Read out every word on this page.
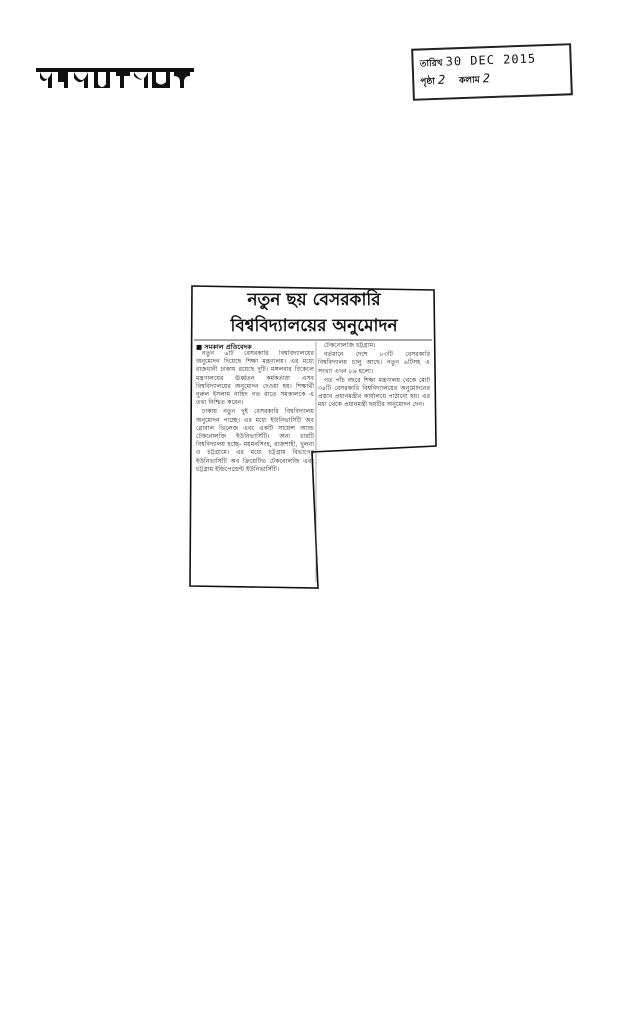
তারিখ 30 DEC 2015
পৃষ্ঠা 2 কলাম 2
নতুন ছয় বেসরকারি
বিশ্ববিদ্যালয়ের অনুমোদন
■ সমকাল প্রতিবেদক

নতুন ৬টি বেসরকারি বিশ্ববিদ্যালয়ের অনুমোদন দিয়েছে শিক্ষা মন্ত্রণালয়। এর মধ্যে রাজধানী ঢাকায় রয়েছে দুটি। মঙ্গলবার বিকেলে মন্ত্রণালয়ের ঊর্ধ্বতন কর্মকর্তারা এসব বিশ্ববিদ্যালয়ের অনুমোদন দেওয়া হয়। শিক্ষার্থী নুরুল ইসলাম নাহিদ গত রাতে সমকালকে এ তথ্য নিশ্চিত করেন।

ঢাকায় নতুন দুই বেসরকারি বিশ্ববিদ্যালয় অনুমোদন পাচ্ছে। এর মধ্যে ইউনিভার্সিটি অব গ্লোবাল ভিলেজ এবং একটি সায়েন্স অ্যান্ড টেকনোলজি ইউনিভার্সিটি। অন্য চারটি বিশ্ববিদ্যালয় হচ্ছে- ময়মনসিংহ, রাজশাহী, খুলনা ও চট্টগ্রামে। এর মধ্যে চট্টগ্রাম বিভাগের ইউনিভার্সিটি অব ক্রিয়েটিভ টেকনোলজি এবং চট্টগ্রাম ইন্ডিপেন্ডেন্ট ইউনিভার্সিটি।

টেকনোলজি চট্টগ্রাম।

বর্তমানে দেশে ৮৩টি বেসরকারি বিশ্ববিদ্যালয় চালু আছে। নতুন ৬টিসহ এ সংখ্যা এখন ৮৯ হলো।

গত পাঁচ বছরে শিক্ষা মন্ত্রণালয় থেকে মোট ৩৪টি বেসরকারি বিশ্ববিদ্যালয়ের অনুমোদনের প্রস্তাব প্রধানমন্ত্রীর কার্যালয়ে পাঠানো হয়। এর মধ্য থেকে প্রধানমন্ত্রী ছয়টির অনুমোদন দেন।
